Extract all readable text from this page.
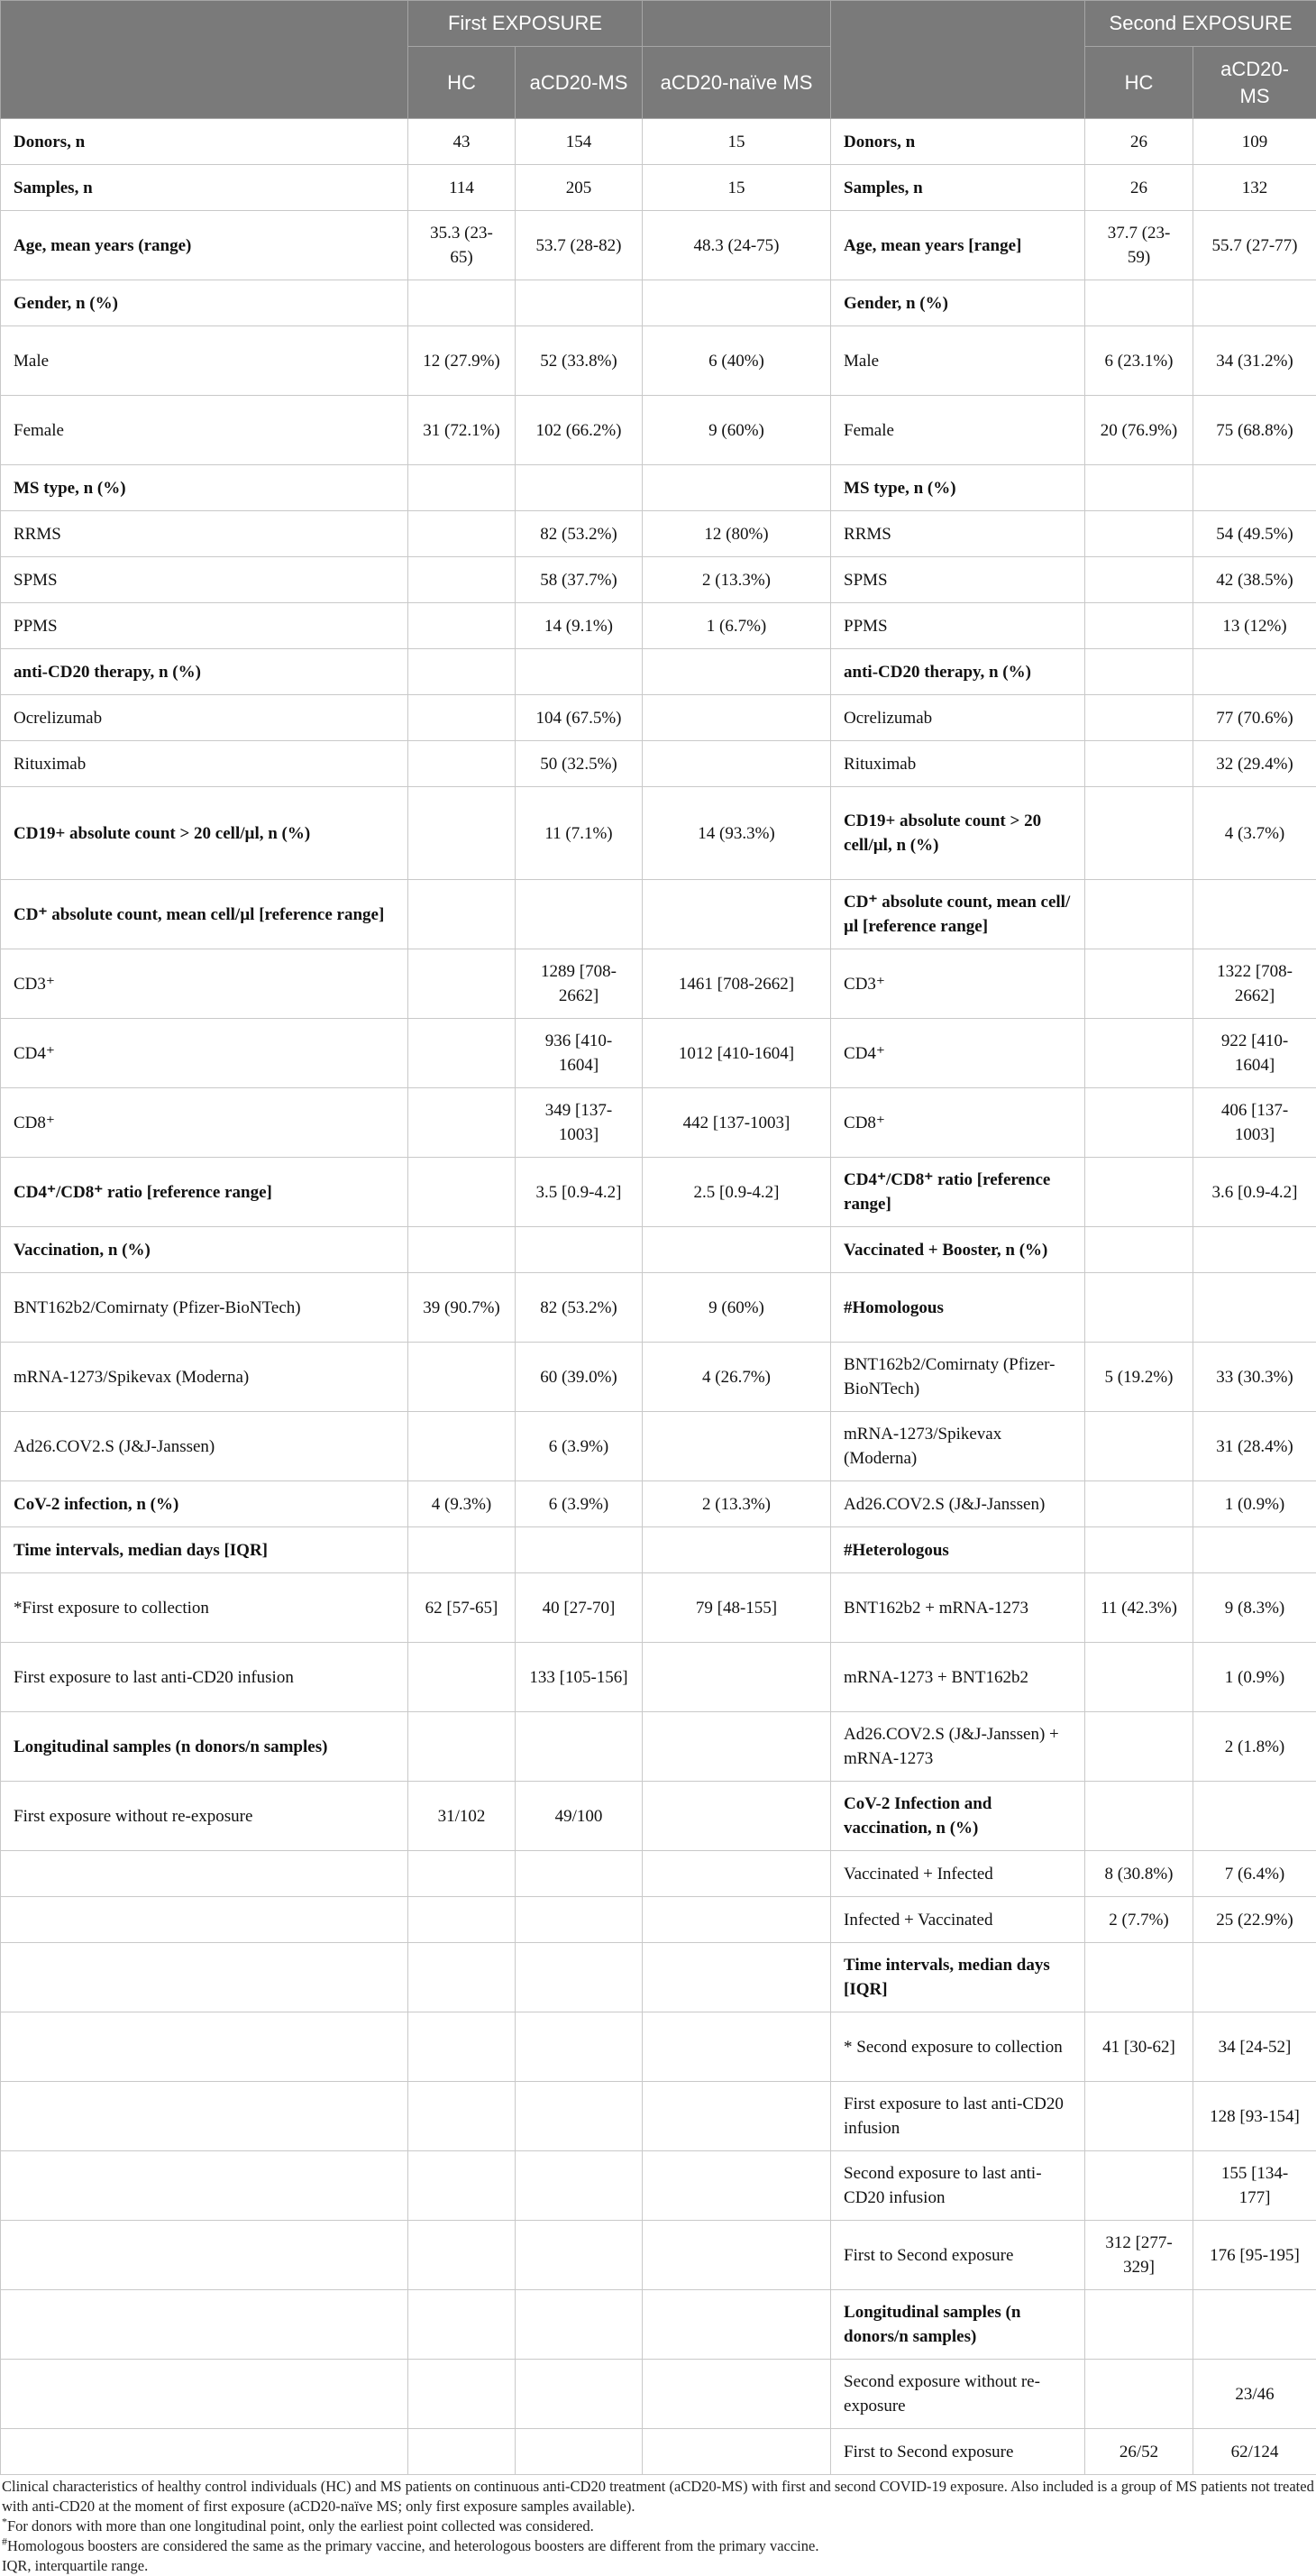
	First EXPOSURE				Second EXPOSURE	
	HC	aCD20-MS	aCD20-naïve MS		HC	aCD20-MS
Donors, n	43	154	15	Donors, n	26	109
Samples, n	114	205	15	Samples, n	26	132
Age, mean years (range)	35.3 (23-65)	53.7 (28-82)	48.3 (24-75)	Age, mean years [range]	37.7 (23-59)	55.7 (27-77)
Gender, n (%)				Gender, n (%)		
Male	12 (27.9%)	52 (33.8%)	6 (40%)	Male	6 (23.1%)	34 (31.2%)
Female	31 (72.1%)	102 (66.2%)	9 (60%)	Female	20 (76.9%)	75 (68.8%)
MS type, n (%)				MS type, n (%)		
RRMS		82 (53.2%)	12 (80%)	RRMS		54 (49.5%)
SPMS		58 (37.7%)	2 (13.3%)	SPMS		42 (38.5%)
PPMS		14 (9.1%)	1 (6.7%)	PPMS		13 (12%)
anti-CD20 therapy, n (%)				anti-CD20 therapy, n (%)		
Ocrelizumab		104 (67.5%)		Ocrelizumab		77 (70.6%)
Rituximab		50 (32.5%)		Rituximab		32 (29.4%)
CD19+ absolute count > 20 cell/µl, n (%)		11 (7.1%)	14 (93.3%)	CD19+ absolute count > 20 cell/µl, n (%)		4 (3.7%)
CD⁺ absolute count, mean cell/µl [reference range]				CD⁺ absolute count, mean cell/µl [reference range]		
CD3⁺		1289 [708-2662]	1461 [708-2662]	CD3⁺		1322 [708-2662]
CD4⁺		936 [410-1604]	1012 [410-1604]	CD4⁺		922 [410-1604]
CD8⁺		349 [137-1003]	442 [137-1003]	CD8⁺		406 [137-1003]
CD4⁺/CD8⁺ ratio [reference range]		3.5 [0.9-4.2]	2.5 [0.9-4.2]	CD4⁺/CD8⁺ ratio [reference range]		3.6 [0.9-4.2]
Vaccination, n (%)				Vaccinated + Booster, n (%)		
BNT162b2/Comirnaty (Pfizer-BioNTech)	39 (90.7%)	82 (53.2%)	9 (60%)	#Homologous		
mRNA-1273/Spikevax (Moderna)		60 (39.0%)	4 (26.7%)	BNT162b2/Comirnaty (Pfizer-BioNTech)	5 (19.2%)	33 (30.3%)
Ad26.COV2.S (J&J-Janssen)		6 (3.9%)		mRNA-1273/Spikevax (Moderna)		31 (28.4%)
CoV-2 infection, n (%)	4 (9.3%)	6 (3.9%)	2 (13.3%)	Ad26.COV2.S (J&J-Janssen)		1 (0.9%)
Time intervals, median days [IQR]				#Heterologous		
*First exposure to collection	62 [57-65]	40 [27-70]	79 [48-155]	BNT162b2 + mRNA-1273	11 (42.3%)	9 (8.3%)
First exposure to last anti-CD20 infusion		133 [105-156]		mRNA-1273 + BNT162b2		1 (0.9%)
Longitudinal samples (n donors/n samples)				Ad26.COV2.S (J&J-Janssen) + mRNA-1273		2 (1.8%)
First exposure without re-exposure	31/102	49/100		CoV-2 Infection and vaccination, n (%)		
				Vaccinated + Infected	8 (30.8%)	7 (6.4%)
				Infected + Vaccinated	2 (7.7%)	25 (22.9%)
				Time intervals, median days [IQR]		
				* Second exposure to collection	41 [30-62]	34 [24-52]
				First exposure to last anti-CD20 infusion		128 [93-154]
				Second exposure to last anti-CD20 infusion		155 [134-177]
				First to Second exposure	312 [277-329]	176 [95-195]
				Longitudinal samples (n donors/n samples)		
				Second exposure without re-exposure		23/46
				First to Second exposure	26/52	62/124

Clinical characteristics of healthy control individuals (HC) and MS patients on continuous anti-CD20 treatment (aCD20-MS) with first and second COVID-19 exposure. Also included is a group of MS patients not treated with anti-CD20 at the moment of first exposure (aCD20-naïve MS; only first exposure samples available).

*For donors with more than one longitudinal point, only the earliest point collected was considered.

#Homologous boosters are considered the same as the primary vaccine, and heterologous boosters are different from the primary vaccine.

IQR, interquartile range.
